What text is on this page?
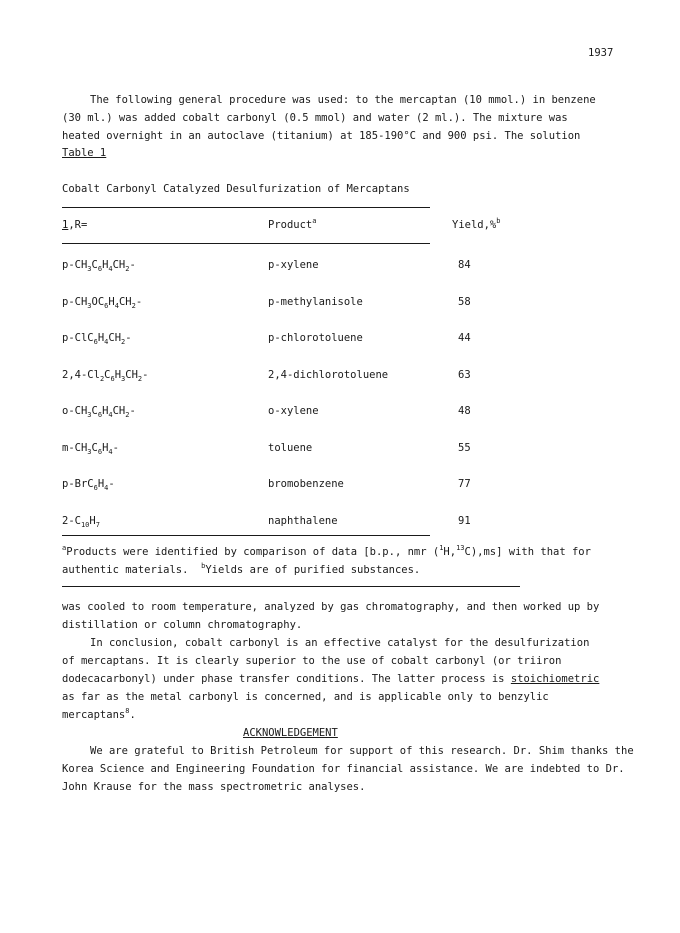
1937
The following general procedure was used: to the mercaptan (10 mmol.) in benzene
(30 ml.) was added cobalt carbonyl (0.5 mmol) and water (2 ml.). The mixture was
heated overnight in an autoclave (titanium) at 185-190°C and 900 psi. The solution
Table 1
Cobalt Carbonyl Catalyzed Desulfurization of Mercaptans
1,R=	Product$^a$	Yield,%$^b$
$p-CH_3C_6H_4CH_2-$	p-xylene	84
$p-CH_3OC_6H_4CH_2-$	p-methylanisole	58
$p-ClC_6H_4CH_2-$	p-chlorotoluene	44
$2,4-Cl_2C_6H_3CH_2-$	2,4-dichlorotoluene	63
$o-CH_3C_6H_4CH_2-$	o-xylene	48
$m-CH_3C_6H_4-$	toluene	55
$p-BrC_6H_4-$	bromobenzene	77
$2-C_{10}H_7$	naphthalene	91
$^a$Products were identified by comparison of data [b.p., nmr ($^1$H,$^{13}$C),ms] with that for
authentic materials. $^b$Yields are of purified substances.
was cooled to room temperature, analyzed by gas chromatography, and then worked up by
distillation or column chromatography.
In conclusion, cobalt carbonyl is an effective catalyst for the desulfurization
of mercaptans. It is clearly superior to the use of cobalt carbonyl (or triiron
dodecacarbonyl) under phase transfer conditions. The latter process is stoichiometric
as far as the metal carbonyl is concerned, and is applicable only to benzylic
mercaptans$^8$.
ACKNOWLEDGEMENT
We are grateful to British Petroleum for support of this research. Dr. Shim thanks the
Korea Science and Engineering Foundation for financial assistance. We are indebted to Dr.
John Krause for the mass spectrometric analyses.
